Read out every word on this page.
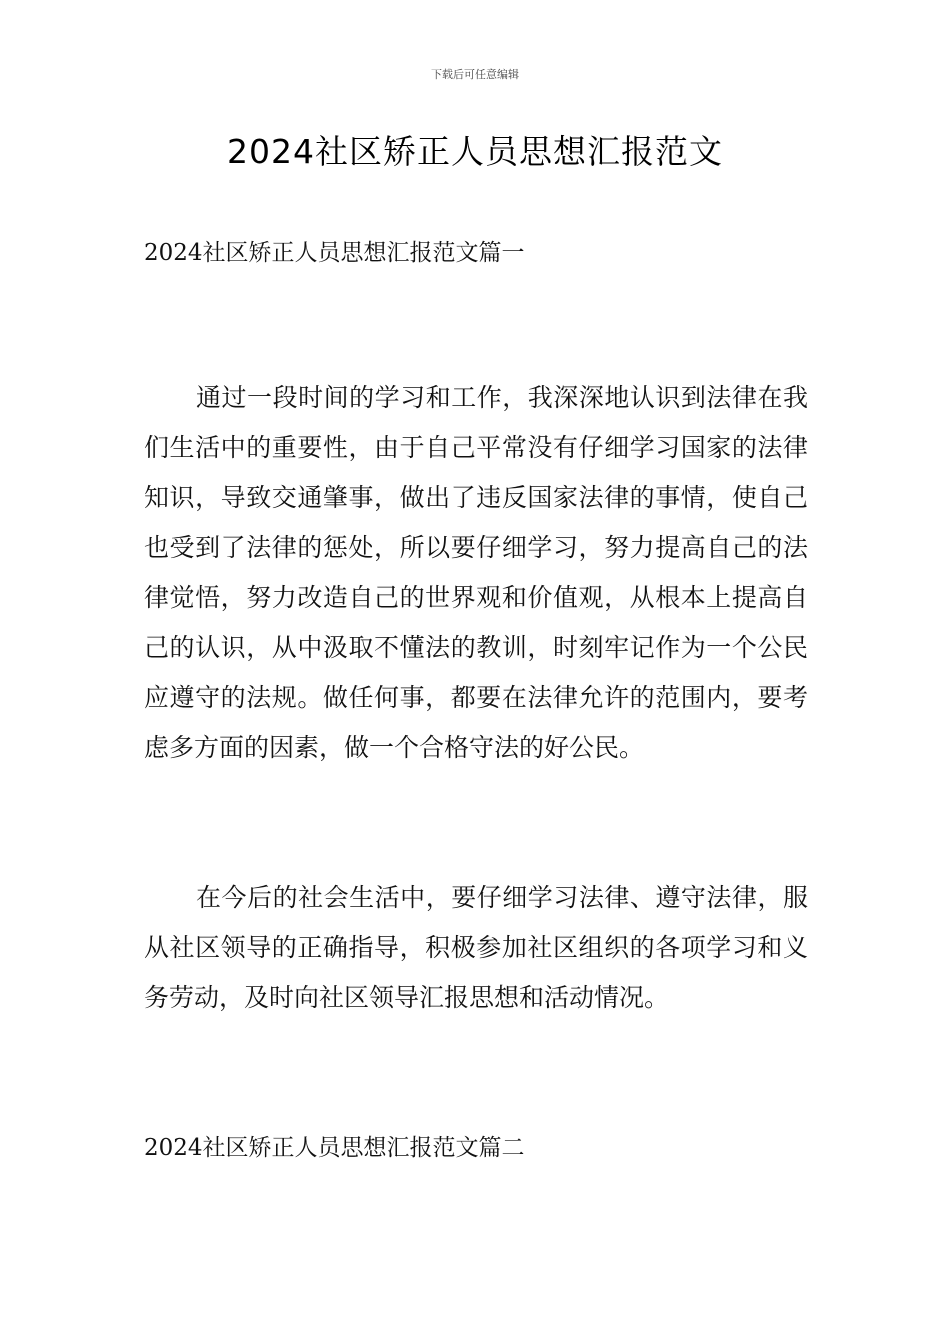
下载后可任意编辑
2024社区矫正人员思想汇报范文
2024社区矫正人员思想汇报范文篇一

通过一段时间的学习和工作，我深深地认识到法律在我们生活中的重要性，由于自己平常没有仔细学习国家的法律知识，导致交通肇事，做出了违反国家法律的事情，使自己也受到了法律的惩处，所以要仔细学习，努力提高自己的法律觉悟，努力改造自己的世界观和价值观，从根本上提高自己的认识，从中汲取不懂法的教训，时刻牢记作为一个公民应遵守的法规。做任何事，都要在法律允许的范围内，要考虑多方面的因素，做一个合格守法的好公民。

在今后的社会生活中，要仔细学习法律、遵守法律，服从社区领导的正确指导，积极参加社区组织的各项学习和义务劳动，及时向社区领导汇报思想和活动情况。

2024社区矫正人员思想汇报范文篇二
